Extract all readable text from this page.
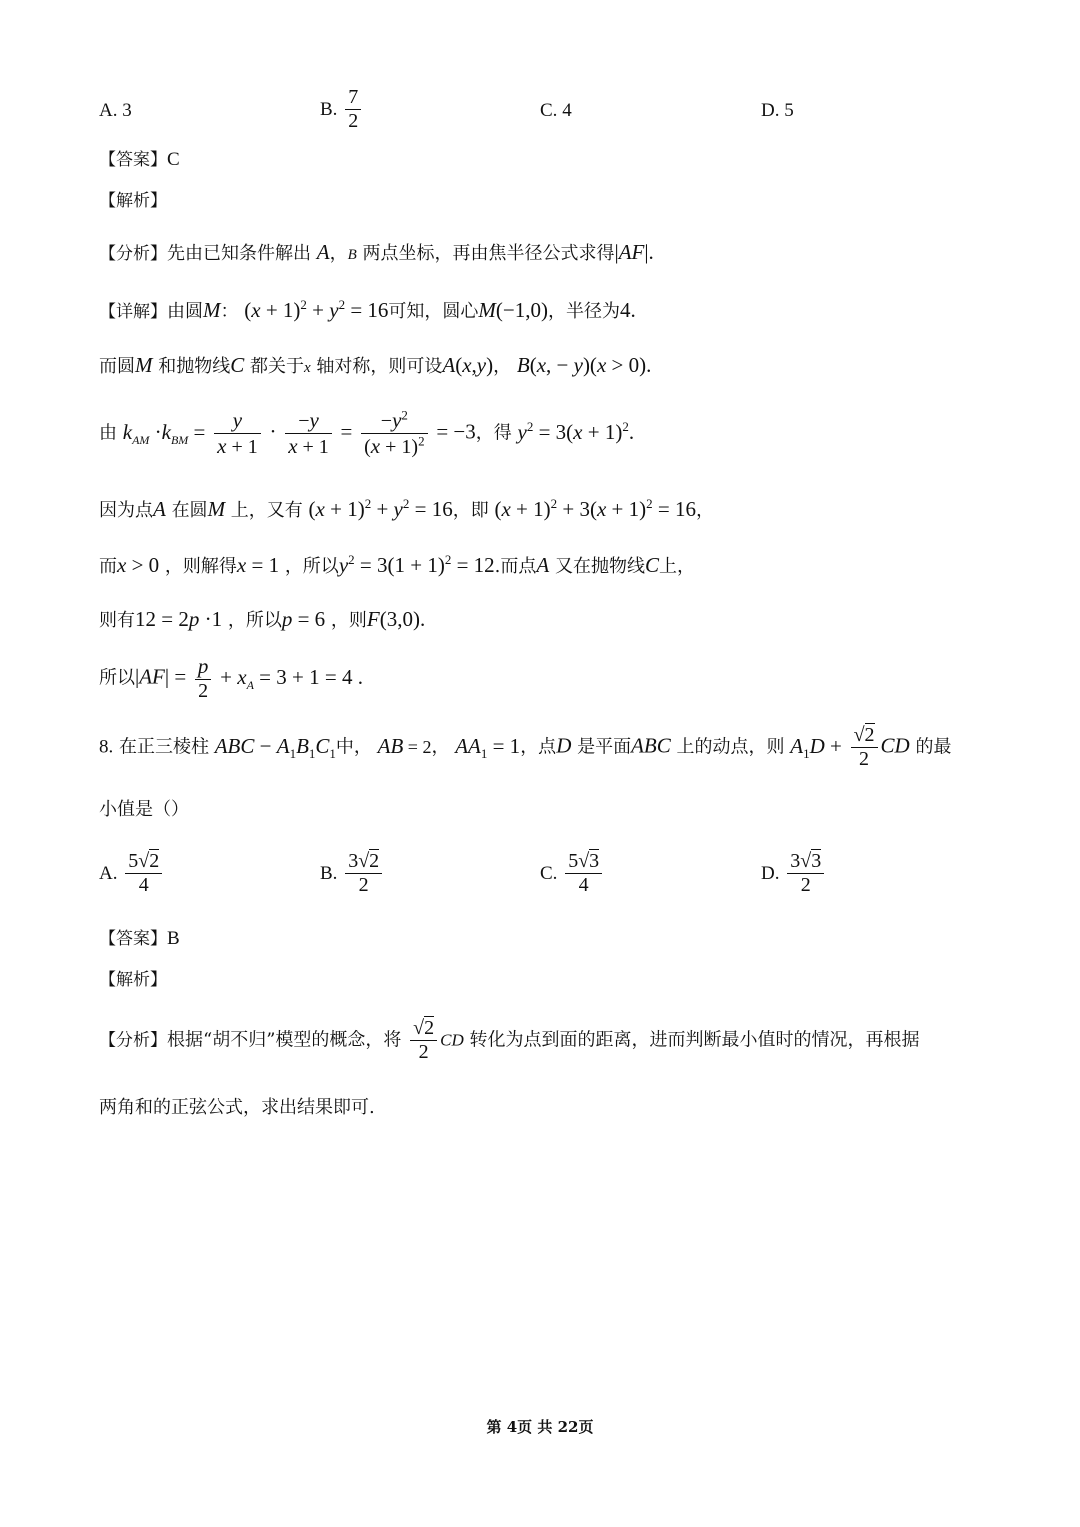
A. 3	B. $\frac{7}{2}$	C. 4	D. 5
【答案】C
【解析】
【分析】先由已知条件解出 A，B 两点坐标，再由焦半径公式求得|AF|.
【详解】由圆M： $(x + 1)^2 + y^2 = 16$可知，圆心M(−1,0)，半径为4.
而圆M 和抛物线C 都关于x 轴对称，则可设A(x,y)， B(x, − y)(x > 0).
由 $k_{AM} \cdot k_{BM} = \frac{y}{x + 1} \cdot \frac{-y}{x + 1} = \frac{-y^2}{(x + 1)^2} = -3$，得 $y^2 = 3(x + 1)^2$.
因为点A 在圆M 上，又有 $(x + 1)^2 + y^2 = 16$，即 $(x + 1)^2 + 3(x + 1)^2 = 16$，
而x > 0 ，则解得x = 1 ，所以$y^2 = 3(1 + 1)^2 = 12$.而点A 又在抛物线C上，
则有12 = 2p ·1 ，所以p = 6 ，则F(3,0).
所以$|AF| = \frac{p}{2} + x_A = 3 + 1 = 4$ .
8. 在正三棱柱 ABC − $A_1B_1C_1$中， AB = 2， $AA_1 = 1$，点D 是平面ABC 上的动点，则 $A_1D + \frac{√2}{2}$ CD 的最
小值是（）
A. $\frac{5√2}{4}$	B. $\frac{3√2}{2}$	C. $\frac{5√3}{4}$	D. $\frac{3√3}{2}$
【答案】B
【解析】
【分析】根据“胡不归”模型的概念，将 $\frac{√2}{2}$ CD 转化为点到面的距离，进而判断最小值时的情况，再根据
两角和的正弦公式，求出结果即可.
第 4页 共 22页
